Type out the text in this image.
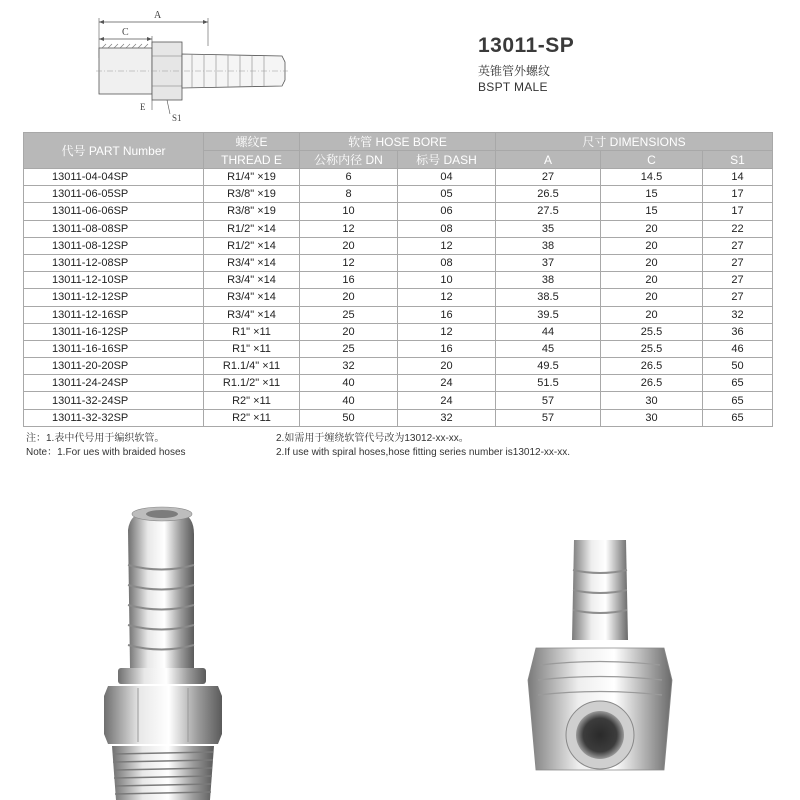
A
C
E
S1
13011-SP
英锥管外螺纹
BSPT MALE
代号 PART Number	螺纹E	软管 HOSE BORE		尺寸 DIMENSIONS		
	THREAD E	公称内径 DN	标号 DASH	A	C	S1
13011-04-04SP	R1/4" ×19	6	04	27	14.5	14
13011-06-05SP	R3/8" ×19	8	05	26.5	15	17
13011-06-06SP	R3/8" ×19	10	06	27.5	15	17
13011-08-08SP	R1/2" ×14	12	08	35	20	22
13011-08-12SP	R1/2" ×14	20	12	38	20	27
13011-12-08SP	R3/4" ×14	12	08	37	20	27
13011-12-10SP	R3/4" ×14	16	10	38	20	27
13011-12-12SP	R3/4" ×14	20	12	38.5	20	27
13011-12-16SP	R3/4" ×14	25	16	39.5	20	32
13011-16-12SP	R1" ×11	20	12	44	25.5	36
13011-16-16SP	R1" ×11	25	16	45	25.5	46
13011-20-20SP	R1.1/4" ×11	32	20	49.5	26.5	50
13011-24-24SP	R1.1/2" ×11	40	24	51.5	26.5	65
13011-32-24SP	R2" ×11	40	24	57	30	65
13011-32-32SP	R2" ×11	50	32	57	30	65
注：1.表中代号用于编织软管。	2.如需用于缠绕软管代号改为13012-xx-xx。
Note：1.For ues with braided hoses	2.If use with spiral hoses,hose fitting series number is13012-xx-xx.
